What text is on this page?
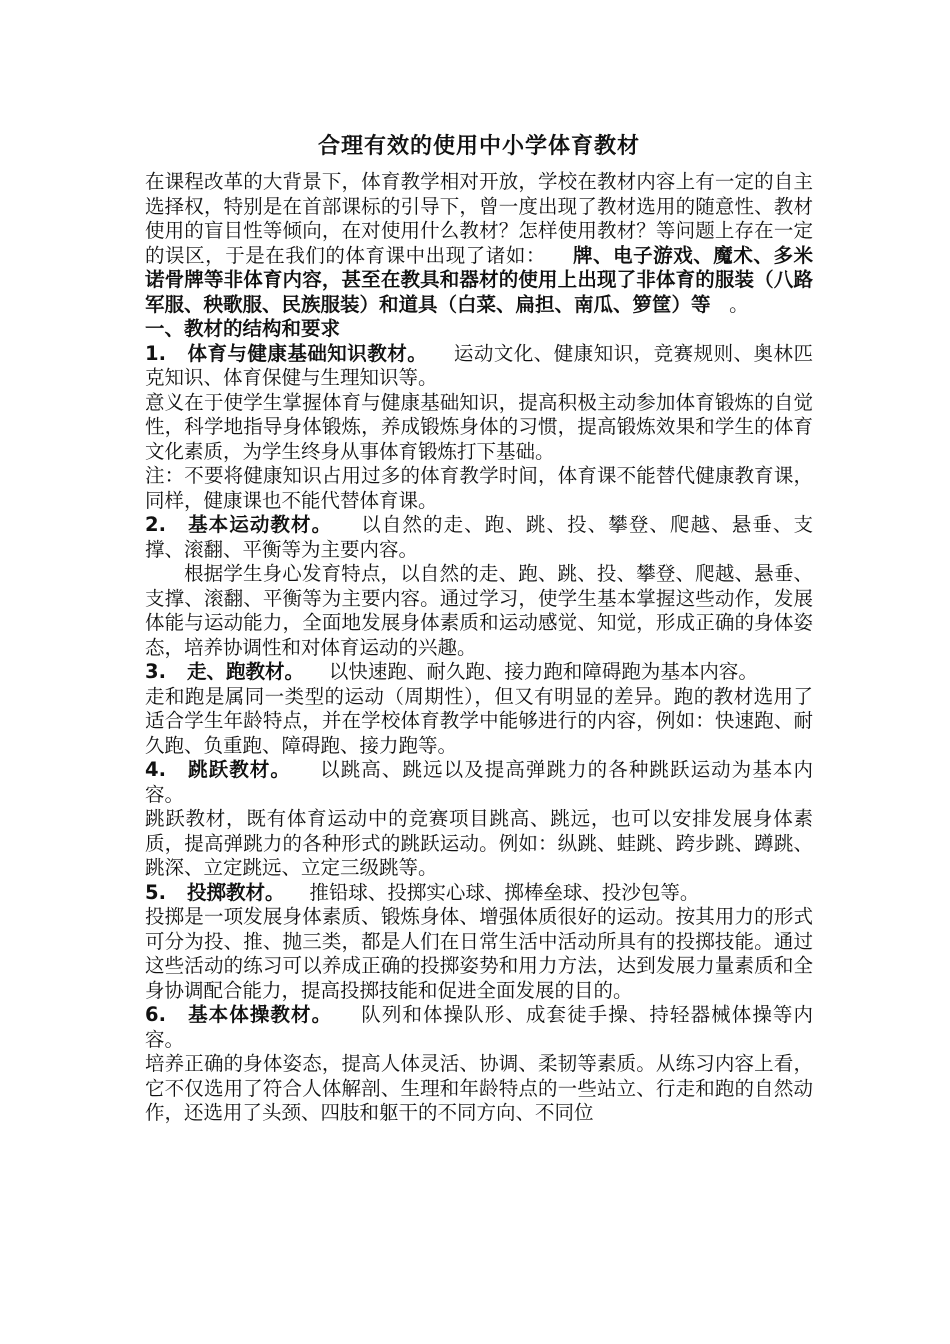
合理有效的使用中小学体育教材

在课程改革的大背景下，体育教学相对开放，学校在教材内容上有一定的自主选择权，特别是在首部课标的引导下，曾一度出现了教材选用的随意性、教材使用的盲目性等倾向，在对使用什么教材？怎样使用教材？等问题上存在一定的误区，于是在我们的体育课中出现了诸如： 牌、电子游戏、魔术、多米诺骨牌等非体育内容，甚至在教具和器材的使用上出现了非体育的服装（八路军服、秧歌服、民族服装）和道具（白菜、扁担、南瓜、箩筐）等 。

一、教材的结构和要求

1. 体育与健康基础知识教材。 运动文化、健康知识，竞赛规则、奥林匹克知识、体育保健与生理知识等。

意义在于使学生掌握体育与健康基础知识，提高积极主动参加体育锻炼的自觉性，科学地指导身体锻炼，养成锻炼身体的习惯，提高锻炼效果和学生的体育文化素质，为学生终身从事体育锻炼打下基础。

注：不要将健康知识占用过多的体育教学时间，体育课不能替代健康教育课，同样，健康课也不能代替体育课。

2. 基本运动教材。 以自然的走、跑、跳、投、攀登、爬越、悬垂、支撑、滚翻、平衡等为主要内容。

根据学生身心发育特点，以自然的走、跑、跳、投、攀登、爬越、悬垂、支撑、滚翻、平衡等为主要内容。通过学习，使学生基本掌握这些动作，发展体能与运动能力，全面地发展身体素质和运动感觉、知觉，形成正确的身体姿态，培养协调性和对体育运动的兴趣。

3. 走、跑教材。 以快速跑、耐久跑、接力跑和障碍跑为基本内容。

走和跑是属同一类型的运动（周期性），但又有明显的差异。跑的教材选用了适合学生年龄特点，并在学校体育教学中能够进行的内容，例如：快速跑、耐久跑、负重跑、障碍跑、接力跑等。

4. 跳跃教材。 以跳高、跳远以及提高弹跳力的各种跳跃运动为基本内容。

跳跃教材，既有体育运动中的竞赛项目跳高、跳远，也可以安排发展身体素质，提高弹跳力的各种形式的跳跃运动。例如：纵跳、蛙跳、跨步跳、蹲跳、跳深、立定跳远、立定三级跳等。

5. 投掷教材。 推铅球、投掷实心球、掷棒垒球、投沙包等。

投掷是一项发展身体素质、锻炼身体、增强体质很好的运动。按其用力的形式可分为投、推、抛三类，都是人们在日常生活中活动所具有的投掷技能。通过这些活动的练习可以养成正确的投掷姿势和用力方法，达到发展力量素质和全身协调配合能力，提高投掷技能和促进全面发展的目的。

6. 基本体操教材。 队列和体操队形、成套徒手操、持轻器械体操等内容。

培养正确的身体姿态，提高人体灵活、协调、柔韧等素质。从练习内容上看，它不仅选用了符合人体解剖、生理和年龄特点的一些站立、行走和跑的自然动作，还选用了头颈、四肢和躯干的不同方向、不同位
